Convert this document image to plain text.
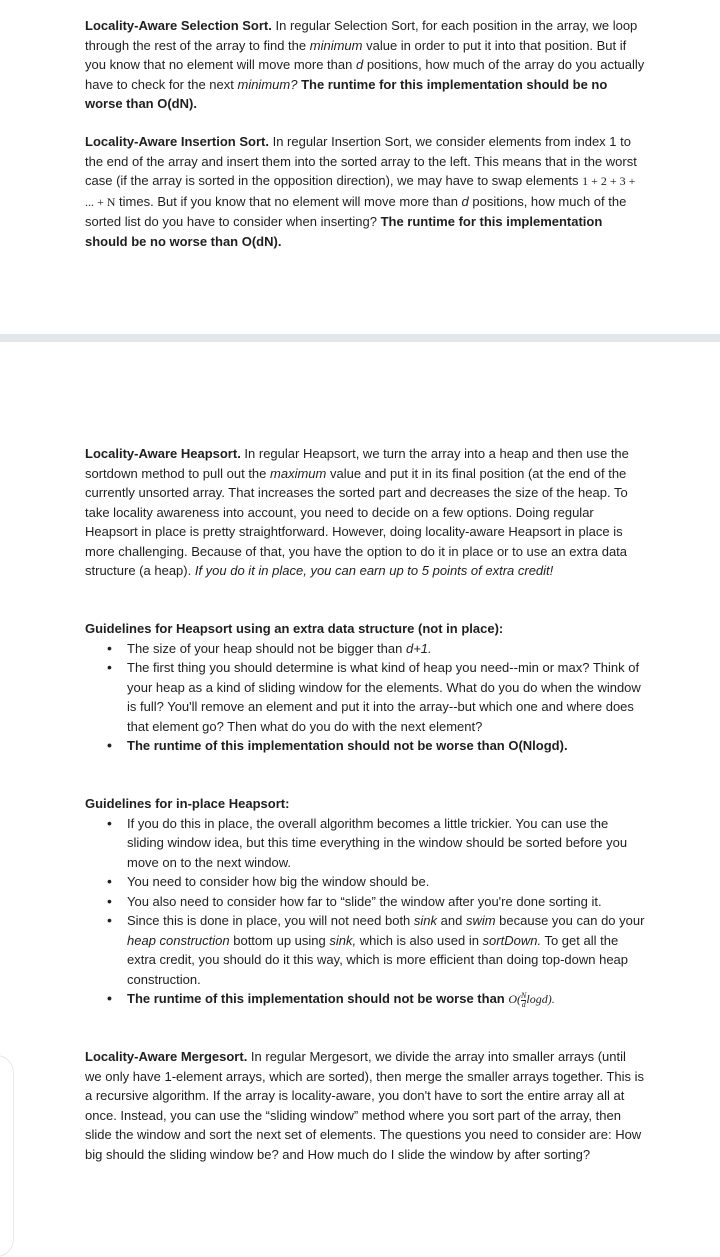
Locality-Aware Selection Sort. In regular Selection Sort, for each position in the array, we loop through the rest of the array to find the minimum value in order to put it into that position. But if you know that no element will move more than d positions, how much of the array do you actually have to check for the next minimum? The runtime for this implementation should be no worse than O(dN).

Locality-Aware Insertion Sort. In regular Insertion Sort, we consider elements from index 1 to the end of the array and insert them into the sorted array to the left. This means that in the worst case (if the array is sorted in the opposition direction), we may have to swap elements 1 + 2 + 3 + ... + N times. But if you know that no element will move more than d positions, how much of the sorted list do you have to consider when inserting? The runtime for this implementation should be no worse than O(dN).

Locality-Aware Heapsort. In regular Heapsort, we turn the array into a heap and then use the sortdown method to pull out the maximum value and put it in its final position (at the end of the currently unsorted array. That increases the sorted part and decreases the size of the heap. To take locality awareness into account, you need to decide on a few options. Doing regular Heapsort in place is pretty straightforward. However, doing locality-aware Heapsort in place is more challenging. Because of that, you have the option to do it in place or to use an extra data structure (a heap). If you do it in place, you can earn up to 5 points of extra credit!

Guidelines for Heapsort using an extra data structure (not in place):

• The size of your heap should not be bigger than d+1.
• The first thing you should determine is what kind of heap you need--min or max? Think of your heap as a kind of sliding window for the elements. What do you do when the window is full? You'll remove an element and put it into the array--but which one and where does that element go? Then what do you do with the next element?
• The runtime of this implementation should not be worse than O(Nlogd).

Guidelines for in-place Heapsort:

• If you do this in place, the overall algorithm becomes a little trickier. You can use the sliding window idea, but this time everything in the window should be sorted before you move on to the next window.
• You need to consider how big the window should be.
• You also need to consider how far to “slide” the window after you're done sorting it.
• Since this is done in place, you will not need both sink and swim because you can do your heap construction bottom up using sink, which is also used in sortDown. To get all the extra credit, you should do it this way, which is more efficient than doing top-down heap construction.
• The runtime of this implementation should not be worse than $O( \frac{N}{d} \log d)$.

Locality-Aware Mergesort. In regular Mergesort, we divide the array into smaller arrays (until we only have 1-element arrays, which are sorted), then merge the smaller arrays together. This is a recursive algorithm. If the array is locality-aware, you don't have to sort the entire array all at once. Instead, you can use the “sliding window” method where you sort part of the array, then slide the window and sort the next set of elements. The questions you need to consider are: How big should the sliding window be? and How much do I slide the window by after sorting?
